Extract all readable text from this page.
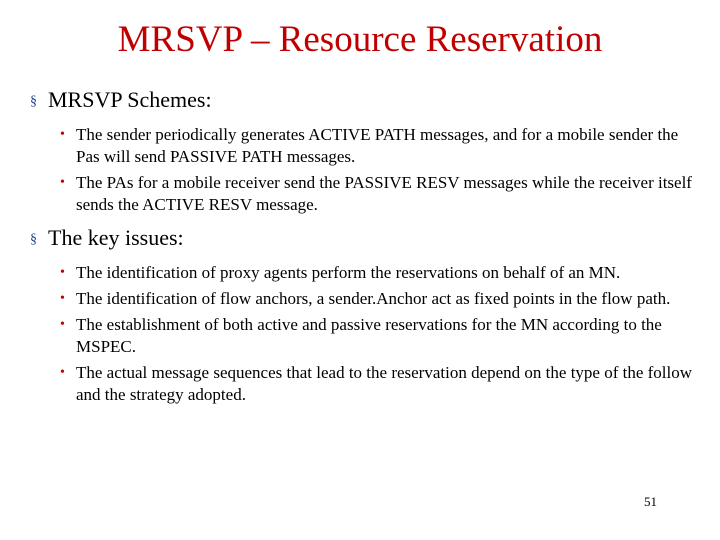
MRSVP – Resource Reservation
§ MRSVP Schemes:
• The sender periodically generates ACTIVE PATH messages, and for a mobile sender the Pas will send PASSIVE PATH messages.
• The PAs for a mobile receiver send the PASSIVE RESV messages while the receiver itself sends the ACTIVE RESV message.
§ The key issues:
• The identification of proxy agents perform the reservations on behalf of an MN.
• The identification of flow anchors, a sender.Anchor act as fixed points in the flow path.
• The establishment of both active and passive reservations for the MN according to the MSPEC.
• The actual message sequences that lead to the reservation depend on the type of the follow and the strategy adopted.
51
